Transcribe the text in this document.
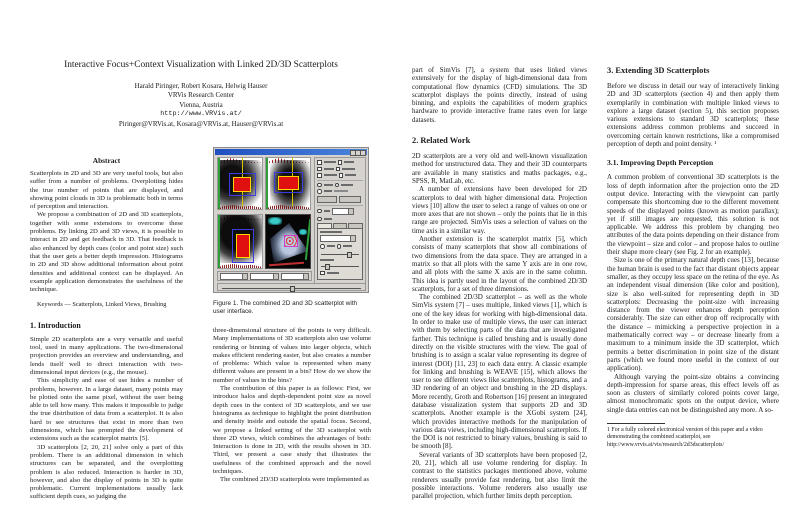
Interactive Focus+Context Visualization with Linked 2D/3D Scatterplots
Harald Piringer, Robert Kosara, Helwig Hauser
VRVis Research Center
Vienna, Austria
http://www.VRVis.at/
Piringer@VRVis.at, Kosara@VRVis.at, Hauser@VRVis.at
Abstract

Scatterplots in 2D and 3D are very useful tools, but also suffer from a number of problems. Overplotting hides the true number of points that are displayed, and showing point clouds in 3D is problematic both in terms of perception and interaction.

We propose a combination of 2D and 3D scatterplots, together with some extensions to overcome these problems. By linking 2D and 3D views, it is possible to interact in 2D and get feedback in 3D. That feedback is also enhanced by depth cues (color and point size) such that the user gets a better depth impression. Histograms in 2D and 3D show additional information about point densities and additional context can be displayed. An example application demonstrates the usefulness of the technique.

Keywords — Scatterplots, Linked Views, Brushing

1. Introduction

Simple 2D scatterplots are a very versatile and useful tool, used in many applications. The two-dimensional projection provides an overview and understanding, and lends itself well to direct interaction with two-dimensional input devices (e.g., the mouse).

This simplicity and ease of use hides a number of problems, however. In a large dataset, many points may be plotted onto the same pixel, without the user being able to tell how many. This makes it impossible to judge the true distribution of data from a scatterplot. It is also hard to see structures that exist in more than two dimensions, which has prompted the development of extensions such as the scatterplot matrix [5].

3D scatterplots [2, 20, 21] solve only a part of this problem. There is an additional dimension in which structures can be separated, and the overplotting problem is also reduced. Interaction is harder in 3D, however, and also the display of points in 3D is quite problematic. Current implementations usually lack sufficient depth cues, so judging the

Figure 1. The combined 2D and 3D scatterplot with user interface.

three-dimensional structure of the points is very difficult. Many implementations of 3D scatterplots also use volume rendering or binning of values into larger objects, which makes efficient rendering easier, but also creates a number of problems: Which value is represented when many different values are present in a bin? How do we show the number of values in the bins?

The contribution of this paper is as follows: First, we introduce halos and depth-dependent point size as novel depth cues in the context of 3D scatterplots, and we use histograms as technique to highlight the point distribution and density inside and outside the spatial focus. Second, we propose a linked setting of the 3D scatterplot with three 2D views, which combines the advantages of both: Interaction is done in 2D, with the results shown in 3D. Third, we present a case study that illustrates the usefulness of the combined approach and the novel techniques.

The combined 2D/3D scatterplots were implemented as

part of SimVis [7], a system that uses linked views extensively for the display of high-dimensional data from computational flow dynamics (CFD) simulations. The 3D scatterplot displays the points directly, instead of using binning, and exploits the capabilities of modern graphics hardware to provide interactive frame rates even for large datasets.

2. Related Work

2D scatterplots are a very old and well-known visualization method for unstructured data. They and their 3D counterparts are available in many statistics and maths packages, e.g., SPSS, R, MatLab, etc.

A number of extensions have been developed for 2D scatterplots to deal with higher dimensional data. Projection views [10] allow the user to select a range of values on one or more axes that are not shown – only the points that lie in this range are projected. SimVis uses a selection of values on the time axis in a similar way.

Another extension is the scatterplot matrix [5], which consists of many scatterplots that show all combinations of two dimensions from the data space. They are arranged in a matrix so that all plots with the same Y axis are in one row, and all plots with the same X axis are in the same column. This idea is partly used in the layout of the combined 2D/3D scatterplots, for a set of three dimensions.

The combined 2D/3D scatterplot – as well as the whole SimVis system [7] – uses multiple, linked views [1], which is one of the key ideas for working with high-dimensional data. In order to make use of multiple views, the user can interact with them by selecting parts of the data that are investigated farther. This technique is called brushing and is usually done directly on the visible structures with the view. The goal of brushing is to assign a scalar value representing its degree of interest (DOI) [11, 23] to each data entry. A classic example for linking and brushing is WEAVE [15], which allows the user to see different views like scatterplots, histograms, and a 3D rendering of an object and brushing in the 2D displays. More recently, Groth and Robertson [16] present an integrated database visualization system that supports 2D and 3D scatterplots. Another example is the XGobi system [24], which provides interactive methods for the manipulation of various data views, including high-dimensional scatterplots. If the DOI is not restricted to binary values, brushing is said to be smooth [8].

Several variants of 3D scatterplots have been proposed [2, 20, 21], which all use volume rendering for display. In contrast to the statistics packages mentioned above, volume renderers usually provide fast rendering, but also limit the possible interactions. Volume renderers also usually use parallel projection, which further limits depth perception.

3. Extending 3D Scatterplots

Before we discuss in detail our way of interactively linking 2D and 3D scatterplots (section 4) and then apply them exemplarily in combination with multiple linked views to explore a large dataset (section 5), this section proposes various extensions to standard 3D scatterplots; these extensions address common problems and succeed in overcoming certain known restrictions, like a compromised perception of depth and point density. ¹

3.1. Improving Depth Perception

A common problem of conventional 3D scatterplots is the loss of depth information after the projection onto the 2D output device. Interacting with the viewpoint can partly compensate this shortcoming due to the different movement speeds of the displayed points (known as motion parallax); yet if still images are requested, this solution is not applicable. We address this problem by changing two attributes of the data points depending on their distance from the viewpoint – size and color – and propose halos to outline their shape more cleary (see Fig. 2 for an example).

Size is one of the primary natural depth cues [13], because the human brain is used to the fact that distant objects appear smaller, as they occupy less space on the retina of the eye. As an independent visual dimension (like color and position), size is also well-suited for representing depth in 3D scatterplots: Decreasing the point-size with increasing distance from the viewer enhances depth perception considerably. The size can either drop off reciprocally with the distance – mimicking a perspective projection in a mathematically correct way – or decrease linearly from a maximum to a minimum inside the 3D scatterplot, which permits a better discrimination in point size of the distant parts (which we found more useful in the context of our application).

Although varying the point-size obtains a convincing depth-impression for sparse areas, this effect levels off as soon as clusters of similarly colored points cover large, almost monochromatic spots on the output device, where single data entries can not be distinguished any more. A so-

1 For a fully colored electronical version of this paper and a video demonstrating the combined scatterplot, see http://www.vrvis.at/vis/research/2d3dscatterplots/
